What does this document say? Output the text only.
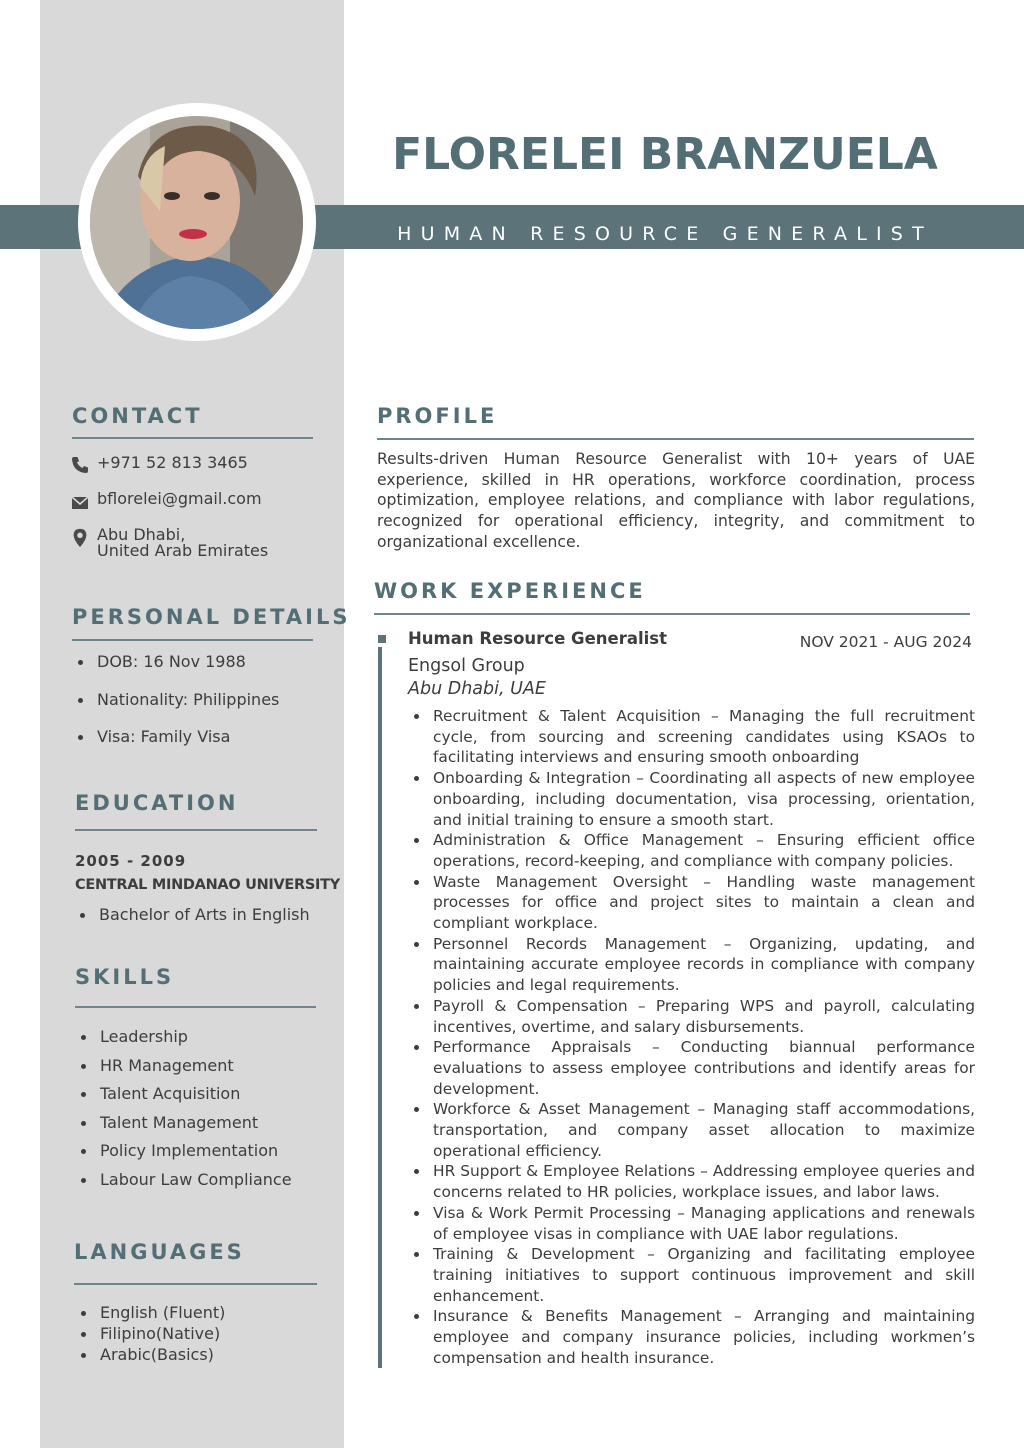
FLORELEI BRANZUELA
HUMAN RESOURCE GENERALIST
CONTACT
+971 52 813 3465
bflorelei@gmail.com
Abu Dhabi,
United Arab Emirates
PERSONAL DETAILS
DOB: 16 Nov 1988
Nationality: Philippines
Visa: Family Visa
EDUCATION
2005 - 2009
CENTRAL MINDANAO UNIVERSITY
Bachelor of Arts in English
SKILLS
Leadership
HR Management
Talent Acquisition
Talent Management
Policy Implementation
Labour Law Compliance
LANGUAGES
English (Fluent)
Filipino(Native)
Arabic(Basics)
PROFILE

Results-driven Human Resource Generalist with 10+ years of UAE experience, skilled in HR operations, workforce coordination, process optimization, employee relations, and compliance with labor regulations, recognized for operational efficiency, integrity, and commitment to organizational excellence.

WORK EXPERIENCE
Human Resource Generalist	NOV 2021 - AUG 2024
Engsol Group
Abu Dhabi, UAE
Recruitment & Talent Acquisition – Managing the full recruitment cycle, from sourcing and screening candidates using KSAOs to facilitating interviews and ensuring smooth onboarding
Onboarding & Integration – Coordinating all aspects of new employee onboarding, including documentation, visa processing, orientation, and initial training to ensure a smooth start.
Administration & Office Management – Ensuring efficient office operations, record-keeping, and compliance with company policies.
Waste Management Oversight – Handling waste management processes for office and project sites to maintain a clean and compliant workplace.
Personnel Records Management – Organizing, updating, and maintaining accurate employee records in compliance with company policies and legal requirements.
Payroll & Compensation – Preparing WPS and payroll, calculating incentives, overtime, and salary disbursements.
Performance Appraisals – Conducting biannual performance evaluations to assess employee contributions and identify areas for development.
Workforce & Asset Management – Managing staff accommodations, transportation, and company asset allocation to maximize operational efficiency.
HR Support & Employee Relations – Addressing employee queries and concerns related to HR policies, workplace issues, and labor laws.
Visa & Work Permit Processing – Managing applications and renewals of employee visas in compliance with UAE labor regulations.
Training & Development – Organizing and facilitating employee training initiatives to support continuous improvement and skill enhancement.
Insurance & Benefits Management – Arranging and maintaining employee and company insurance policies, including workmen’s compensation and health insurance.
